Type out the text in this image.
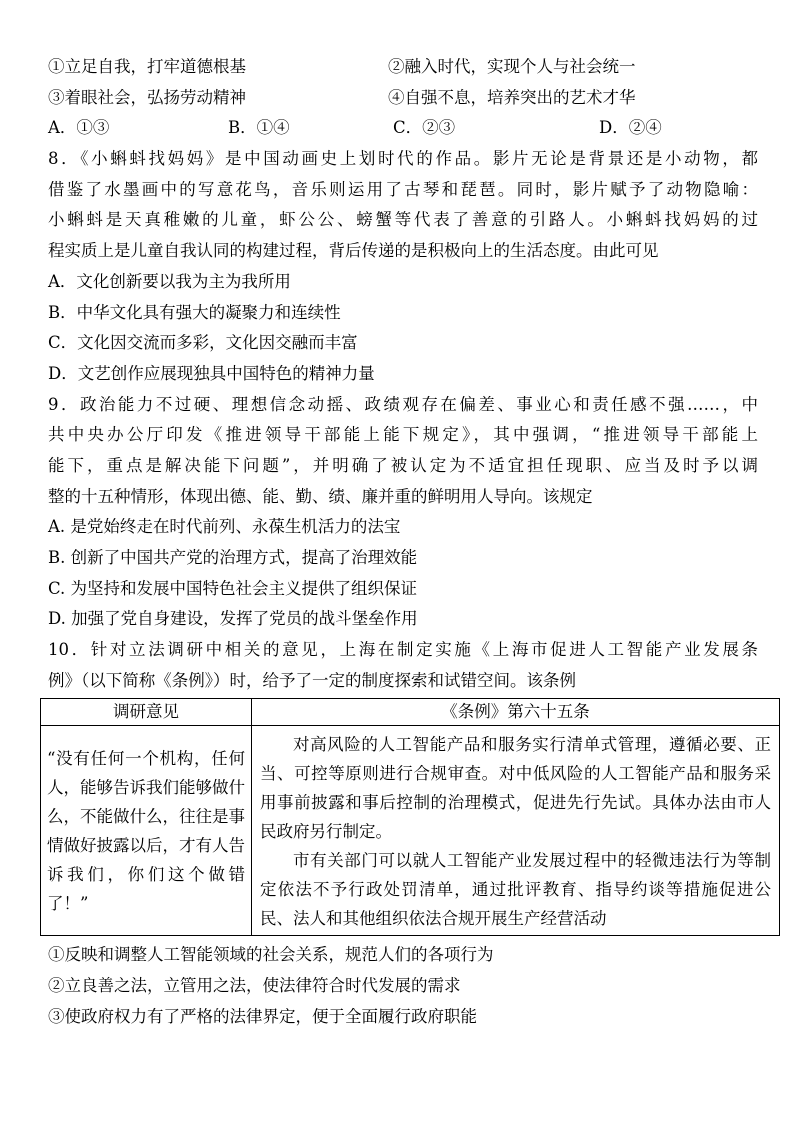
①立足自我，打牢道德根基	②融入时代，实现个人与社会统一
③着眼社会，弘扬劳动精神	④自强不息，培养突出的艺术才华
A．①③	B．①④	C．②③	D．②④
8．《小蝌蚪找妈妈》是中国动画史上划时代的作品。影片无论是背景还是小动物，都
借鉴了水墨画中的写意花鸟，音乐则运用了古琴和琵琶。同时，影片赋予了动物隐喻：
小蝌蚪是天真稚嫩的儿童，虾公公、螃蟹等代表了善意的引路人。小蝌蚪找妈妈的过
程实质上是儿童自我认同的构建过程，背后传递的是积极向上的生活态度。由此可见
A．文化创新要以我为主为我所用
B．中华文化具有强大的凝聚力和连续性
C．文化因交流而多彩，文化因交融而丰富
D．文艺创作应展现独具中国特色的精神力量
9．政治能力不过硬、理想信念动摇、政绩观存在偏差、事业心和责任感不强……，中
共中央办公厅印发《推进领导干部能上能下规定》，其中强调，“推进领导干部能上
能下，重点是解决能下问题”，并明确了被认定为不适宜担任现职、应当及时予以调
整的十五种情形，体现出德、能、勤、绩、廉并重的鲜明用人导向。该规定
A. 是党始终走在时代前列、永葆生机活力的法宝
B. 创新了中国共产党的治理方式，提高了治理效能
C. 为坚持和发展中国特色社会主义提供了组织保证
D. 加强了党自身建设，发挥了党员的战斗堡垒作用
10．针对立法调研中相关的意见，上海在制定实施《上海市促进人工智能产业发展条
例》（以下简称《条例》）时，给予了一定的制度探索和试错空间。该条例
调研意见	《条例》第六十五条
“没有任何一个机构，任何人，能够告诉我们能够做什么，不能做什么，往往是事情做好披露以后，才有人告诉我们，你们这个做错了！”	对高风险的人工智能产品和服务实行清单式管理，遵循必要、正当、可控等原则进行合规审查。对中低风险的人工智能产品和服务采用事前披露和事后控制的治理模式，促进先行先试。具体办法由市人民政府另行制定。
市有关部门可以就人工智能产业发展过程中的轻微违法行为等制定依法不予行政处罚清单，通过批评教育、指导约谈等措施促进公民、法人和其他组织依法合规开展生产经营活动
①反映和调整人工智能领域的社会关系，规范人们的各项行为
②立良善之法，立管用之法，使法律符合时代发展的需求
③使政府权力有了严格的法律界定，便于全面履行政府职能
